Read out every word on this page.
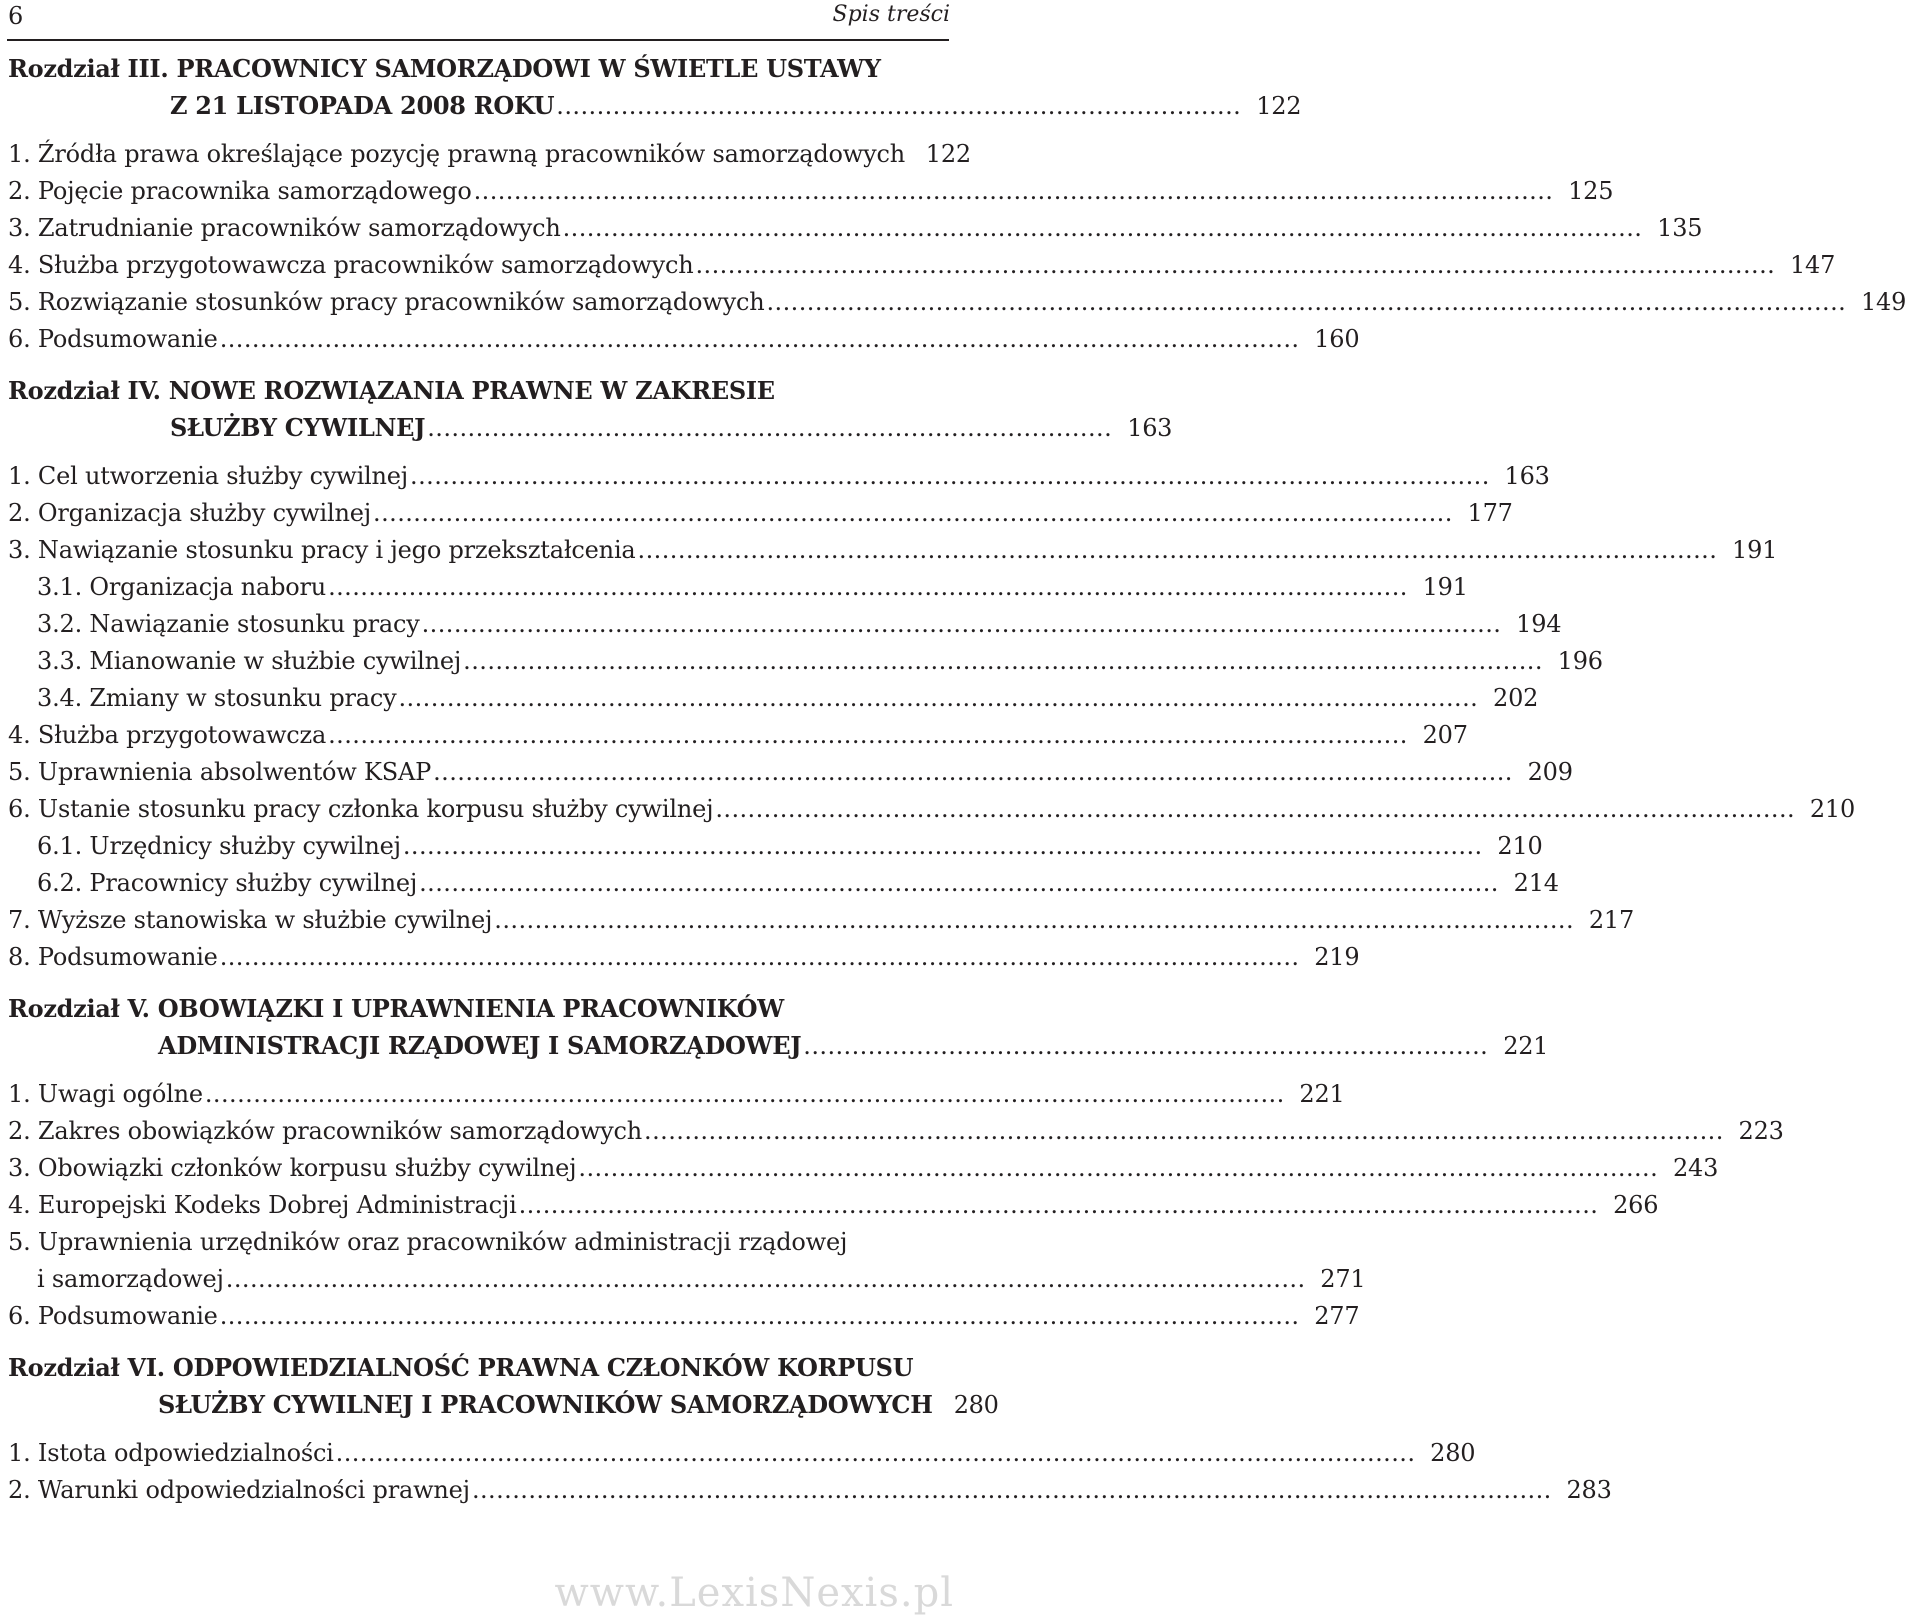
6	Spis treści
Rozdział III. PRACOWNICY SAMORZĄDOWI W ŚWIETLE USTAWY
Z 21 LISTOPADA 2008 ROKU . . .	122
1. Źródła prawa określające pozycję prawną pracowników samorządowych 122
2. Pojęcie pracownika samorządowego . . .	125
3. Zatrudnianie pracowników samorządowych . . .	135
4. Służba przygotowawcza pracowników samorządowych . . .	147
5. Rozwiązanie stosunków pracy pracowników samorządowych . . .	149
6. Podsumowanie . . .	160
Rozdział IV. NOWE ROZWIĄZANIA PRAWNE W ZAKRESIE
SŁUŻBY CYWILNEJ . . .	163
1. Cel utworzenia służby cywilnej . . .	163
2. Organizacja służby cywilnej . . .	177
3. Nawiązanie stosunku pracy i jego przekształcenia . . .	191
3.1. Organizacja naboru . . .	191
3.2. Nawiązanie stosunku pracy . . .	194
3.3. Mianowanie w służbie cywilnej . . .	196
3.4. Zmiany w stosunku pracy . . .	202
4. Służba przygotowawcza . . .	207
5. Uprawnienia absolwentów KSAP . . .	209
6. Ustanie stosunku pracy członka korpusu służby cywilnej . . .	210
6.1. Urzędnicy służby cywilnej . . .	210
6.2. Pracownicy służby cywilnej . . .	214
7. Wyższe stanowiska w służbie cywilnej . . .	217
8. Podsumowanie . . .	219
Rozdział V. OBOWIĄZKI I UPRAWNIENIA PRACOWNIKÓW
ADMINISTRACJI RZĄDOWEJ I SAMORZĄDOWEJ . . .	221
1. Uwagi ogólne . . .	221
2. Zakres obowiązków pracowników samorządowych . . .	223
3. Obowiązki członków korpusu służby cywilnej . . .	243
4. Europejski Kodeks Dobrej Administracji . . .	266
5. Uprawnienia urzędników oraz pracowników administracji rządowej
i samorządowej . . .	271
6. Podsumowanie . . .	277
Rozdział VI. ODPOWIEDZIALNOŚĆ PRAWNA CZŁONKÓW KORPUSU
SŁUŻBY CYWILNEJ I PRACOWNIKÓW SAMORZĄDOWYCH 280
1. Istota odpowiedzialności . . .	280
2. Warunki odpowiedzialności prawnej . . .	283
www.LexisNexis.pl
